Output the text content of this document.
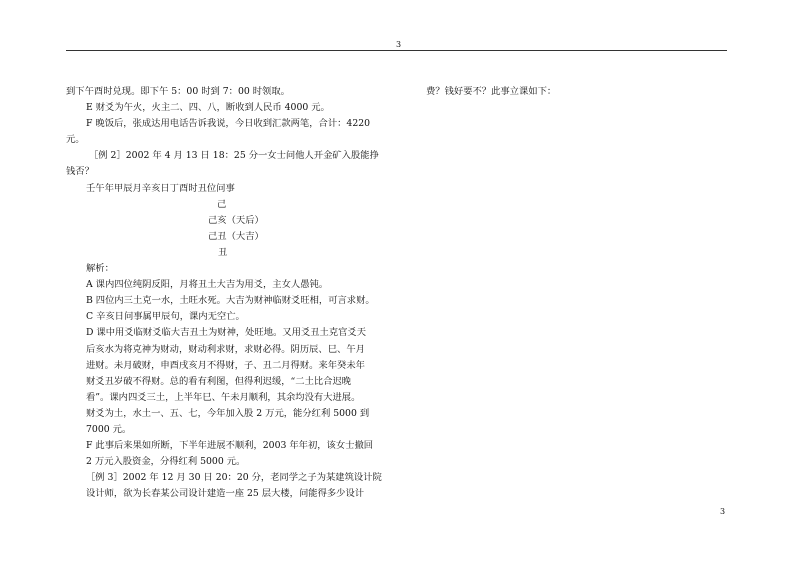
3
到下午酉时兑现。即下午 5：00 时到 7：00 时领取。
E 财爻为午火，火主二、四、八，断收到人民币 4000 元。
F 晚饭后，张成达用电话告诉我说，今日收到汇款两笔，合计：4220
元。
［例 2］2002 年 4 月 13 日 18：25 分一女士问他人开金矿入股能挣
钱否？
壬午年甲辰月辛亥日丁酉时丑位问事
己
己亥（天后）
己丑（大吉）
丑
解析：
A 课内四位纯阴反阳，月将丑土大吉为用爻，主女人愚钝。
B 四位内三土克一水，土旺水死。大吉为财神临财爻旺相，可言求财。
C 辛亥日问事属甲辰句，课内无空亡。
D 课中用爻临财爻临大吉丑土为财神，处旺地。又用爻丑土克官爻天
后亥水为将克神为财动，财动利求财，求财必得。阴历辰、巳、午月
进财。未月破财，申酉戌亥月不得财，子、丑二月得财。来年癸未年
财爻丑岁破不得财。总的看有利图，但得利迟缓，“二土比合迟晚
看”。课内四爻三土，上半年巳、午未月顺利，其余均没有大进展。
财爻为土，水土一、五、七，今年加入股 2 万元，能分红利 5000 到
7000 元。
F 此事后来果如所断，下半年进展不顺利，2003 年年初，该女士撤回
2 万元入股资金，分得红利 5000 元。
［例 3］2002 年 12 月 30 日 20：20 分，老同学之子为某建筑设计院
设计师，欲为长春某公司设计建造一座 25 层大楼，问能得多少设计
费？钱好要不？此事立课如下：
3
